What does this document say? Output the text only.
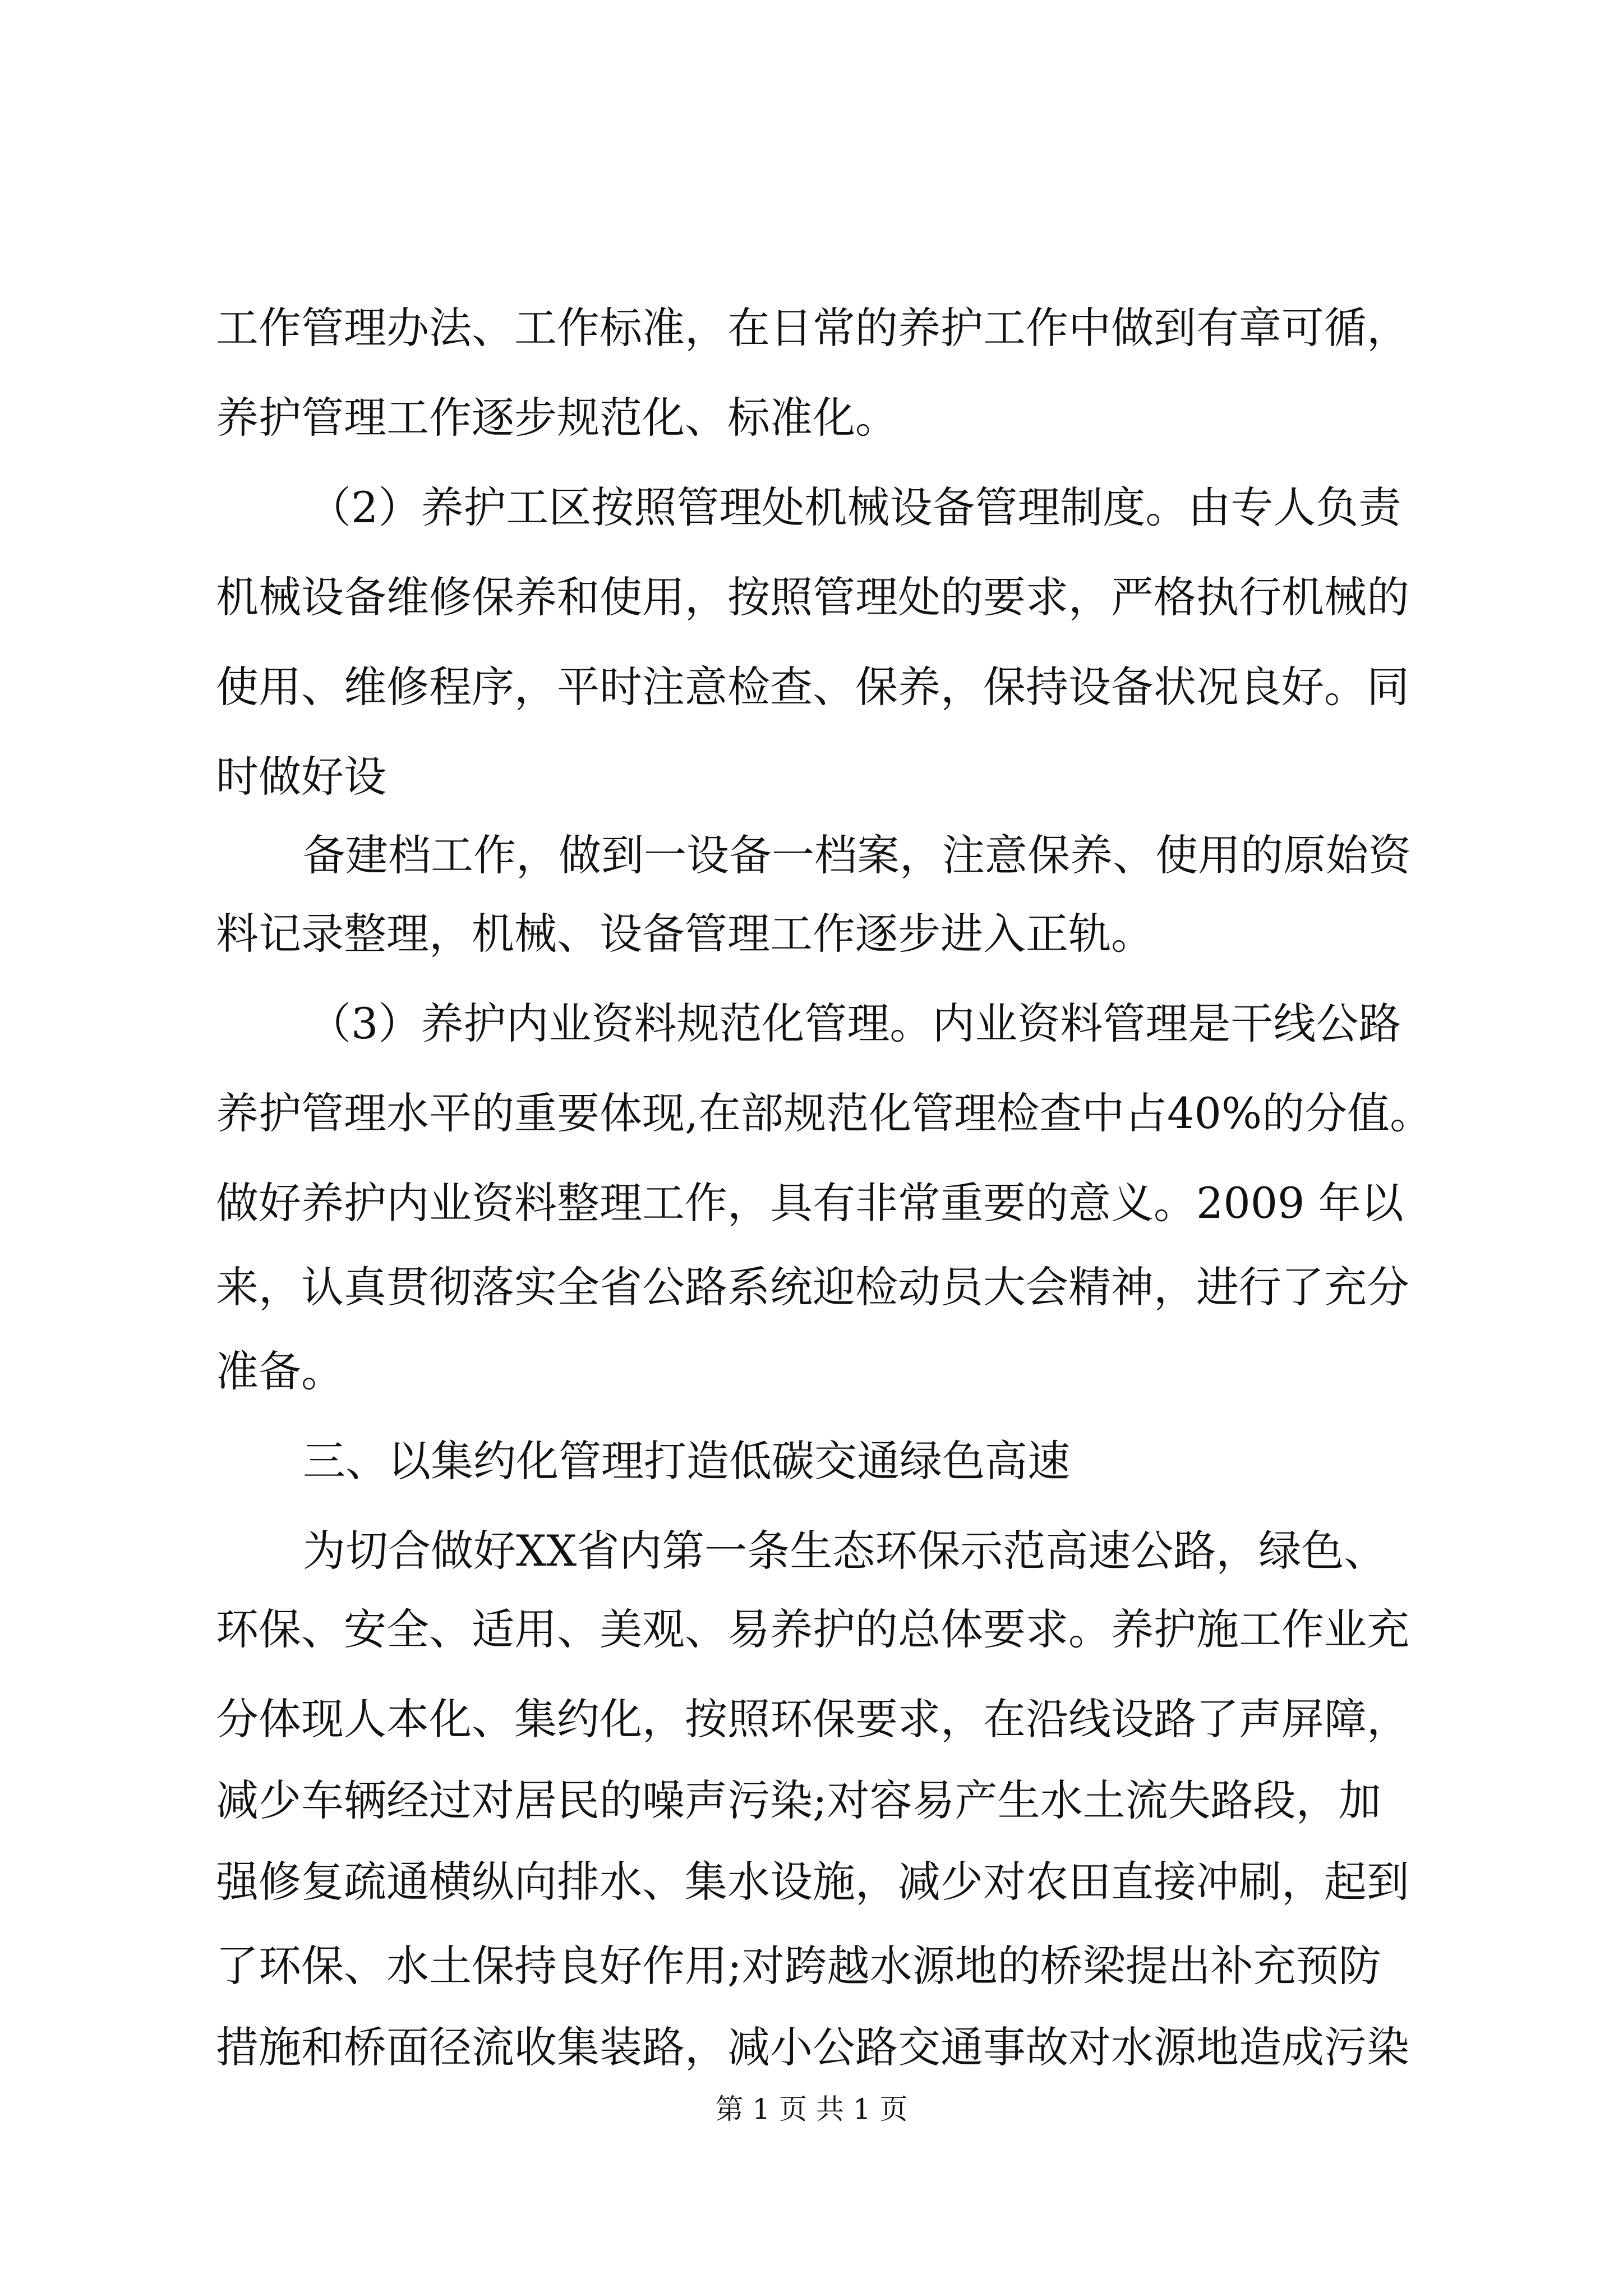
工作管理办法、工作标准，在日常的养护工作中做到有章可循，
养护管理工作逐步规范化、标准化。
（2）养护工区按照管理处机械设备管理制度。由专人负责
机械设备维修保养和使用，按照管理处的要求，严格执行机械的
使用、维修程序，平时注意检查、保养，保持设备状况良好。同
时做好设
备建档工作，做到一设备一档案，注意保养、使用的原始资
料记录整理，机械、设备管理工作逐步进入正轨。
（3）养护内业资料规范化管理。内业资料管理是干线公路
养护管理水平的重要体现,在部规范化管理检查中占40%的分值。
做好养护内业资料整理工作，具有非常重要的意义。2009 年以
来，认真贯彻落实全省公路系统迎检动员大会精神，进行了充分
准备。
三、以集约化管理打造低碳交通绿色高速
为切合做好XX省内第一条生态环保示范高速公路，绿色、
环保、安全、适用、美观、易养护的总体要求。养护施工作业充
分体现人本化、集约化，按照环保要求，在沿线设路了声屏障，
减少车辆经过对居民的噪声污染;对容易产生水土流失路段，加
强修复疏通横纵向排水、集水设施，减少对农田直接冲刷，起到
了环保、水土保持良好作用;对跨越水源地的桥梁提出补充预防
措施和桥面径流收集装路，减小公路交通事故对水源地造成污染
第 1 页 共 1 页
